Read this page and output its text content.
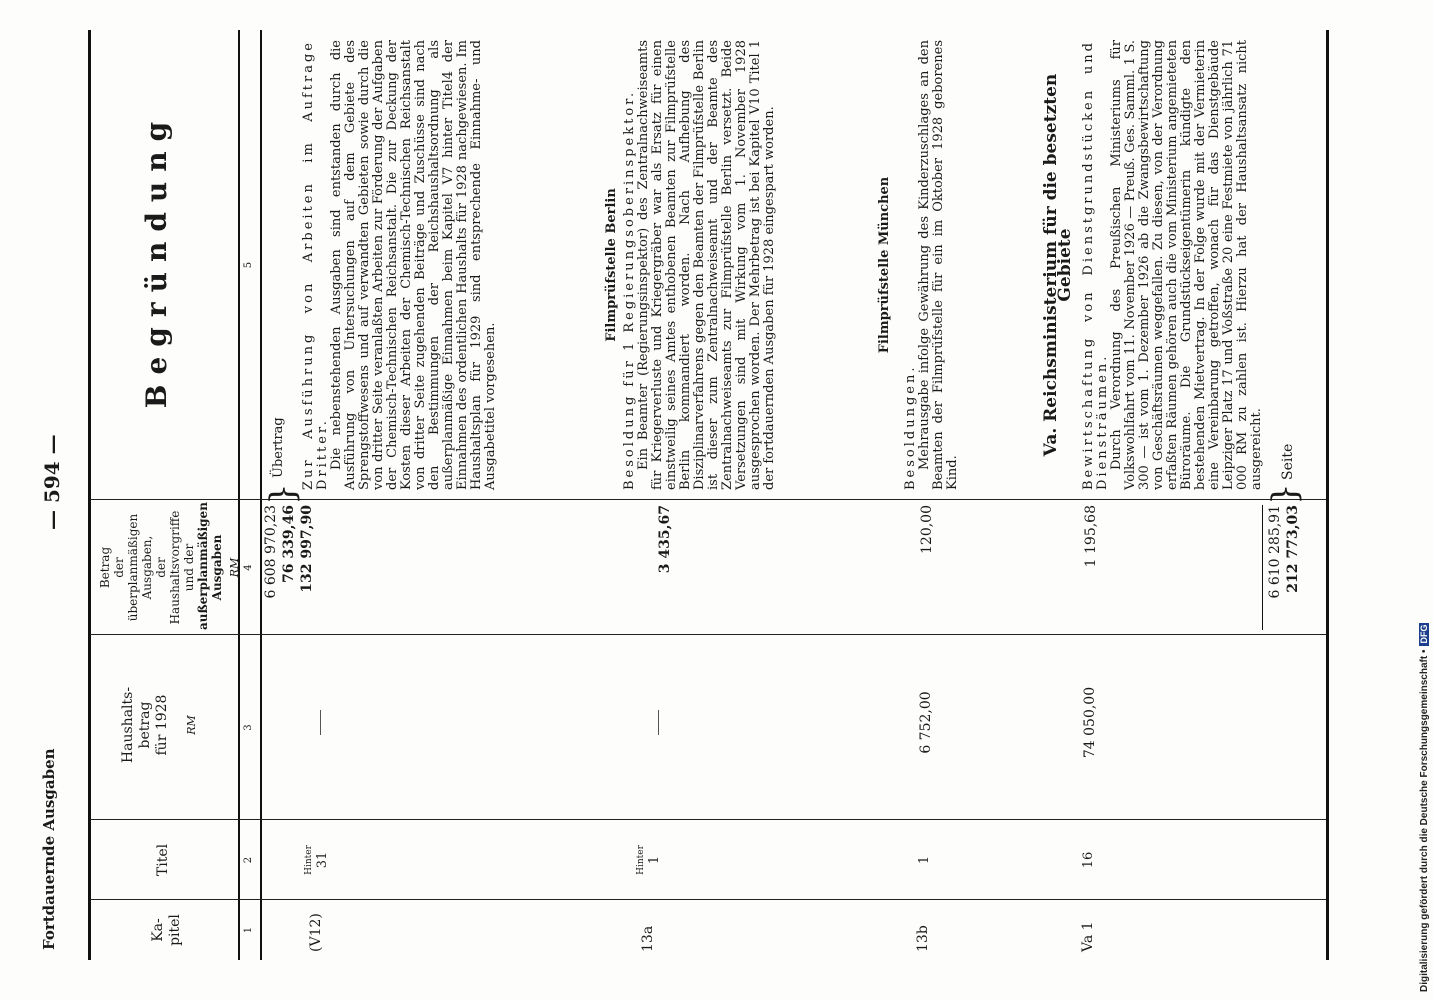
Fortdauernde Ausgaben
— 594 —
Ka-pitel
Titel
Haushalts- betrag für 1928 RM
Betrag der überplanmäßigen Ausgaben, der Haushaltsvorgriffe und der außerplanmäßigen Ausgaben RM
Begründung
1
2
3
4
5
(V12)
Hinter 31
6 608 970,23 76 339,46 132 997,90
}
Übertrag Zur Ausführung von Arbeiten im Auftrage Dritter. Die nebenstehenden Ausgaben sind entstanden durch die Ausführung von Untersuchungen auf dem Gebiete des Sprengstoffwesens und auf verwandten Gebieten sowie durch die von dritter Seite veranlaßten Arbeiten zur Förderung der Aufgaben der Chemisch-Technischen Reichsanstalt. Die zur Deckung der Kosten dieser Arbeiten der Chemisch-Technischen Reichsanstalt von dritter Seite zugehenden Beiträge und Zuschüsse sind nach den Bestimmungen der Reichshaushaltsordnung als außerplanmäßige Einnahmen beim Kapitel V7 hinter Titel4 der Einnahmen des ordentlichen Haushalts für 1928 nachgewiesen. Im Haushaltsplan für 1929 sind entsprechende Einnahme- und Ausgabetitel vorgesehen.
13a
Hinter 1
3 435,67
Filmprüfstelle Berlin Besoldung für 1 Regierungsoberinspektor. Ein Beamter (Regierungsinspektor) des Zentralnachweiseamts für Kriegerverluste und Kriegergräber war als Ersatz für einen einstweilig seines Amtes enthobenen Beamten zur Filmprüfstelle Berlin kommandiert worden. Nach Aufhebung des Disziplinarverfahrens gegen den Beamten der Filmprüfstelle Berlin ist dieser zum Zentralnachweiseamt und der Beamte des Zentralnachweiseamts zur Filmprüfstelle Berlin versetzt. Beide Versetzungen sind mit Wirkung vom 1. November 1928 ausgesprochen worden. Der Mehrbetrag ist bei Kapitel V10 Titel 1 der fortdauernden Ausgaben für 1928 eingespart worden.
13b
1
6 752,00
120,00
Filmprüfstelle München
Besoldungen. Mehrausgabe infolge Gewährung des Kinderzuschlages an den Beamten der Filmprüfstelle für ein im Oktober 1928 geborenes Kind.
Va 1
16
74 050,00
1 195,68
Va. Reichsministerium für die besetzten Gebiete Bewirtschaftung von Dienstgrundstücken und Diensträumen. Durch Verordnung des Preußischen Ministeriums für Volkswohlfahrt vom 11. November 1926 — Preuß. Ges. Samml. 1 S. 300 — ist vom 1. Dezember 1926 ab die Zwangsbewirtschaftung von Geschäftsräumen weggefallen. Zu diesen, von der Verordnung erfaßten Räumen gehören auch die vom Ministerium angemieteten Büroräume. Die Grundstückseigentümerin kündigte den bestehenden Mietvertrag. In der Folge wurde mit der Vermieterin eine Vereinbarung getroffen, wonach für das Dienstgebäude Leipziger Platz 17 und Voßstraße 20 eine Festmiete von jährlich 71 000 RM zu zahlen ist. Hierzu hat der Haushaltsansatz nicht ausgereicht.
6 610 285,91 212 773,03
}
Seite
Digitalisierung gefördert durch die Deutsche Forschungsgemeinschaft •DFG
